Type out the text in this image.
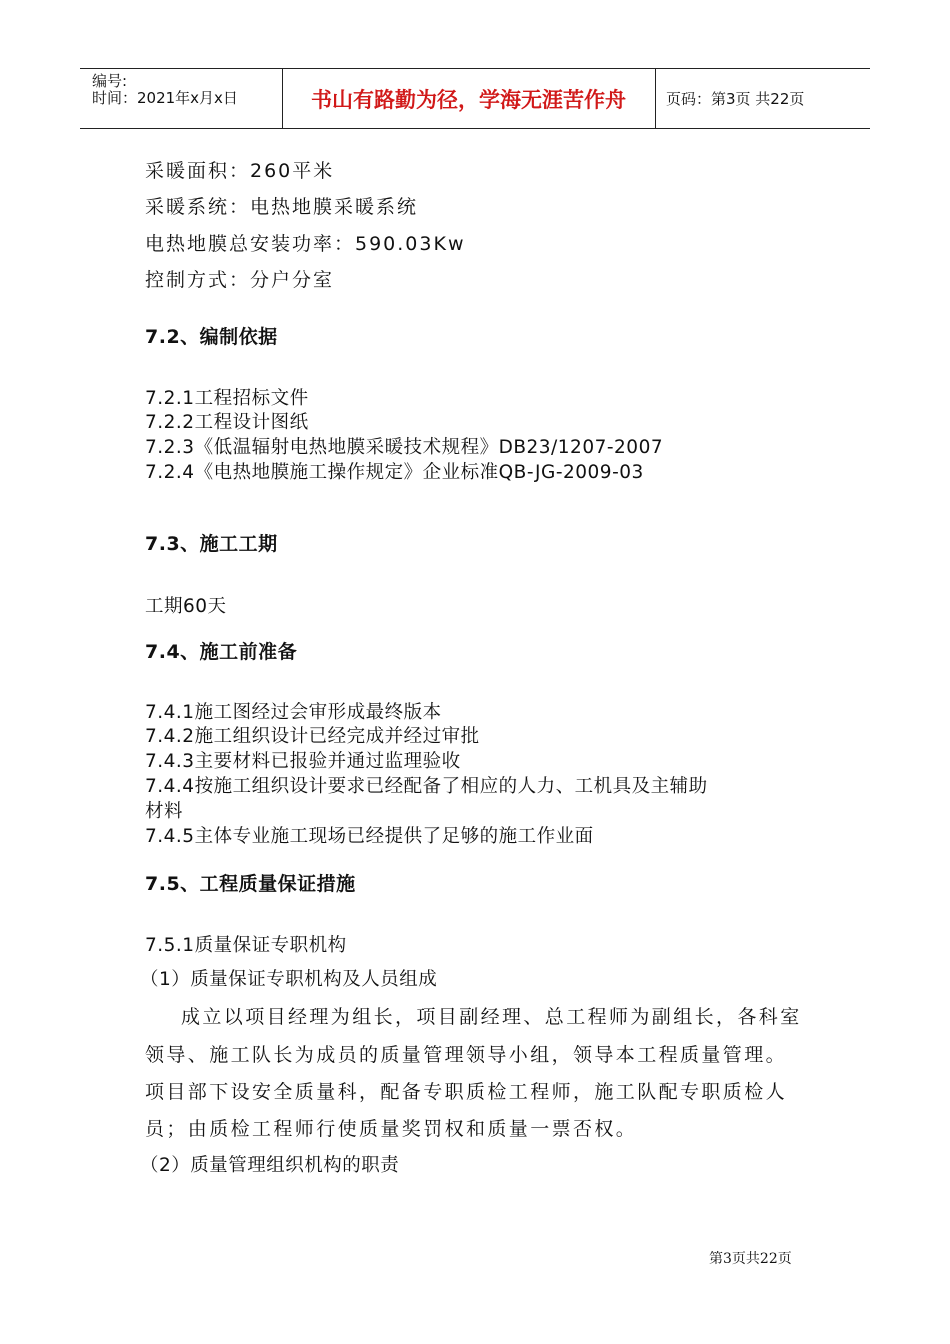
编号:
时间：2021年x月x日	书山有路勤为径，学海无涯苦作舟	页码：第3页 共22页
采暖面积：260平米
采暖系统：电热地膜采暖系统
电热地膜总安装功率：590.03Kw
控制方式：分户分室
7.2、编制依据
7.2.1工程招标文件
7.2.2工程设计图纸
7.2.3《低温辐射电热地膜采暖技术规程》DB23/1207-2007
7.2.4《电热地膜施工操作规定》企业标准QB-JG-2009-03
7.3、施工工期
工期60天
7.4、施工前准备
7.4.1施工图经过会审形成最终版本
7.4.2施工组织设计已经完成并经过审批
7.4.3主要材料已报验并通过监理验收
7.4.4按施工组织设计要求已经配备了相应的人力、工机具及主辅助
材料
7.4.5主体专业施工现场已经提供了足够的施工作业面
7.5、工程质量保证措施
7.5.1质量保证专职机构
（1）质量保证专职机构及人员组成
成立以项目经理为组长，项目副经理、总工程师为副组长，各科室
领导、施工队长为成员的质量管理领导小组，领导本工程质量管理。
项目部下设安全质量科，配备专职质检工程师，施工队配专职质检人
员；由质检工程师行使质量奖罚权和质量一票否权。
（2）质量管理组织机构的职责
第3页共22页
